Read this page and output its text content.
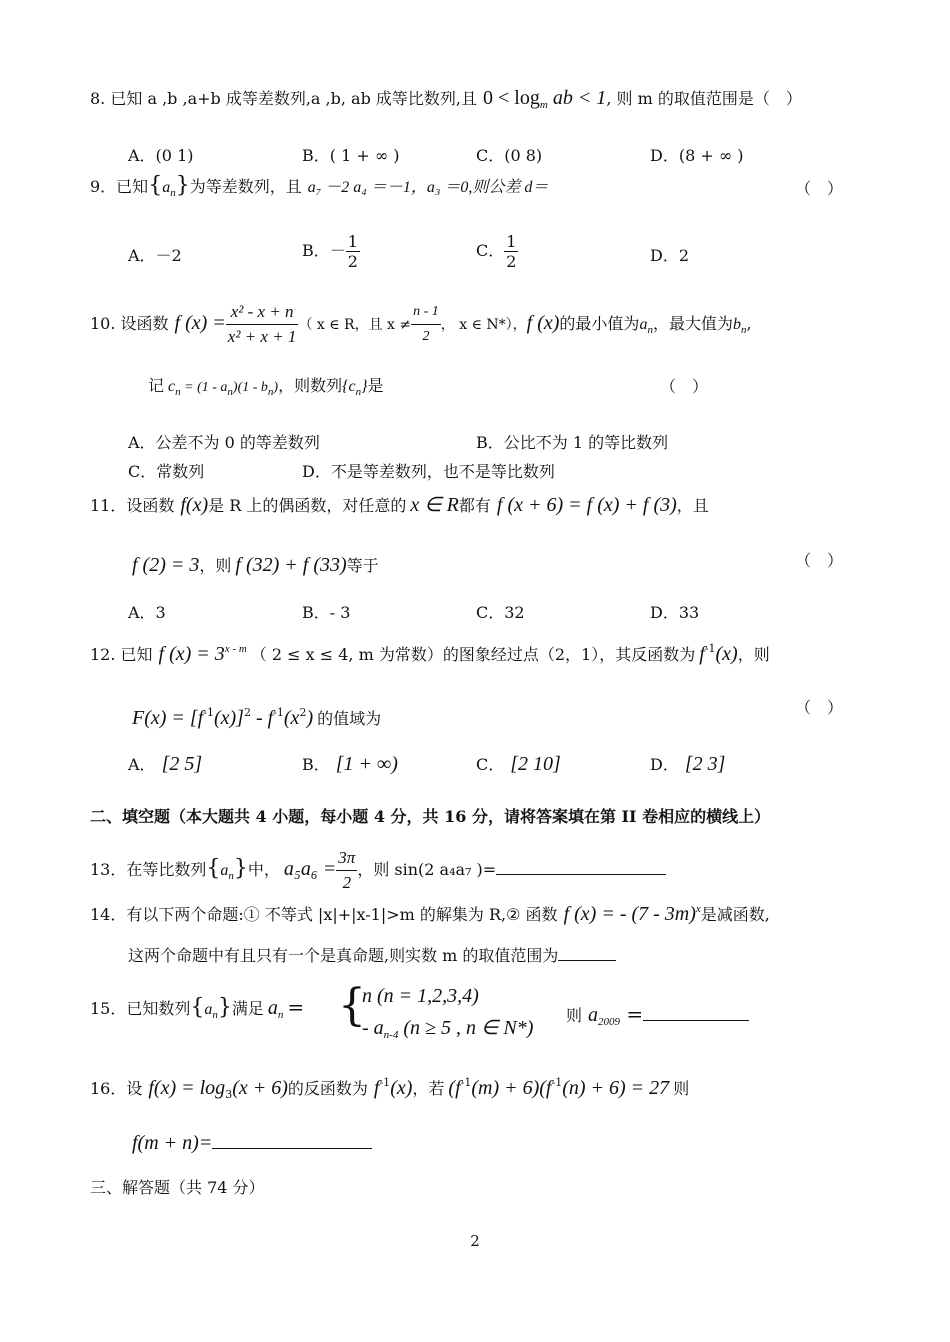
8. 已知 a ,b ,a+b 成等差数列,a ,b, ab 成等比数列,且 $0 < \log_m$ ab < 1, 则 m 的取值范围是（　）
A．(0 1)	B．( 1 + ∞ )	C．(0 8)	D．(8 + ∞ )
9．已知$\{a_n\}$为等差数列，且 a₇ －2 a₄ ＝－1，a₃ ＝0,则公差 d＝	（　）
A．－2	B．－ $\frac{1}{2}$	C． $\frac{1}{2}$	D．2
10. 设函数 f $(x) = \frac{\text{x² - x + n}}{\text{x² + x + 1}}$ （ x ∈ R，且 $x \ne \frac{n - 1}{2}$ ， x ∈ N*），f (x)的最小值为$a_n$，最大值为$b_n$,
记 $c_n = (1 - a_n)(1 - b_n)$，则数列$\{c_n\}$是	（　）
A．公差不为 0 的等差数列	B．公比不为 1 的等比数列
C．常数列	D．不是等差数列，也不是等比数列
11．设函数 f(x)是 R 上的偶函数，对任意的 x ∈ R都有 f (x + 6) = f (x) + f (3)，且
f (2) = 3，则 f (32) + f (33)等于	（　）
A．3	B．- 3	C．32	D．33
12. 已知 f $(x) = 3^{x - m}$ （ 2 ≤ x ≤ 4, m 为常数）的图象经过点（2，1），其反函数为 $f^{-1}(x)$，则
$F(x) = [f^{-1}(x)]^2 - f^{-1}(x^2)$ 的值域为
（　）
A． [2 5]	B． [1 + ∞)	C． [2 10]	D． [2 3]
二、填空题（本大题共 4 小题，每小题 4 分，共 16 分，请将答案填在第 II 卷相应的横线上）
13．在等比数列$\{a_n\}$中， $a_5a_6 = \frac{3\pi}{2}$ ，则 sin(2 a₄a₇ )=
14．有以下两个命题:① 不等式 |x|+|x-1|>m 的解集为 R,② 函数 f (x) = - (7 - 3m)$^x$是减函数,
这两个命题中有且只有一个是真命题,则实数 m 的取值范围为
15．已知数列$\{a_n\}$满足 $a_n$ = {
n (n = 1,2,3,4)
- $a_{n-4}$ (n ≥ 5 , n ∈ N*)
则 $a_{2009}$ =
16．设 $f(x) = \log_3(x + 6)$的反函数为 $f^{-1}(x)$，若 $(f^{-1}(m) + 6)(f^{-1}(n) + 6) = 27$ 则
f(m + n)=
三、解答题（共 74 分）
2
